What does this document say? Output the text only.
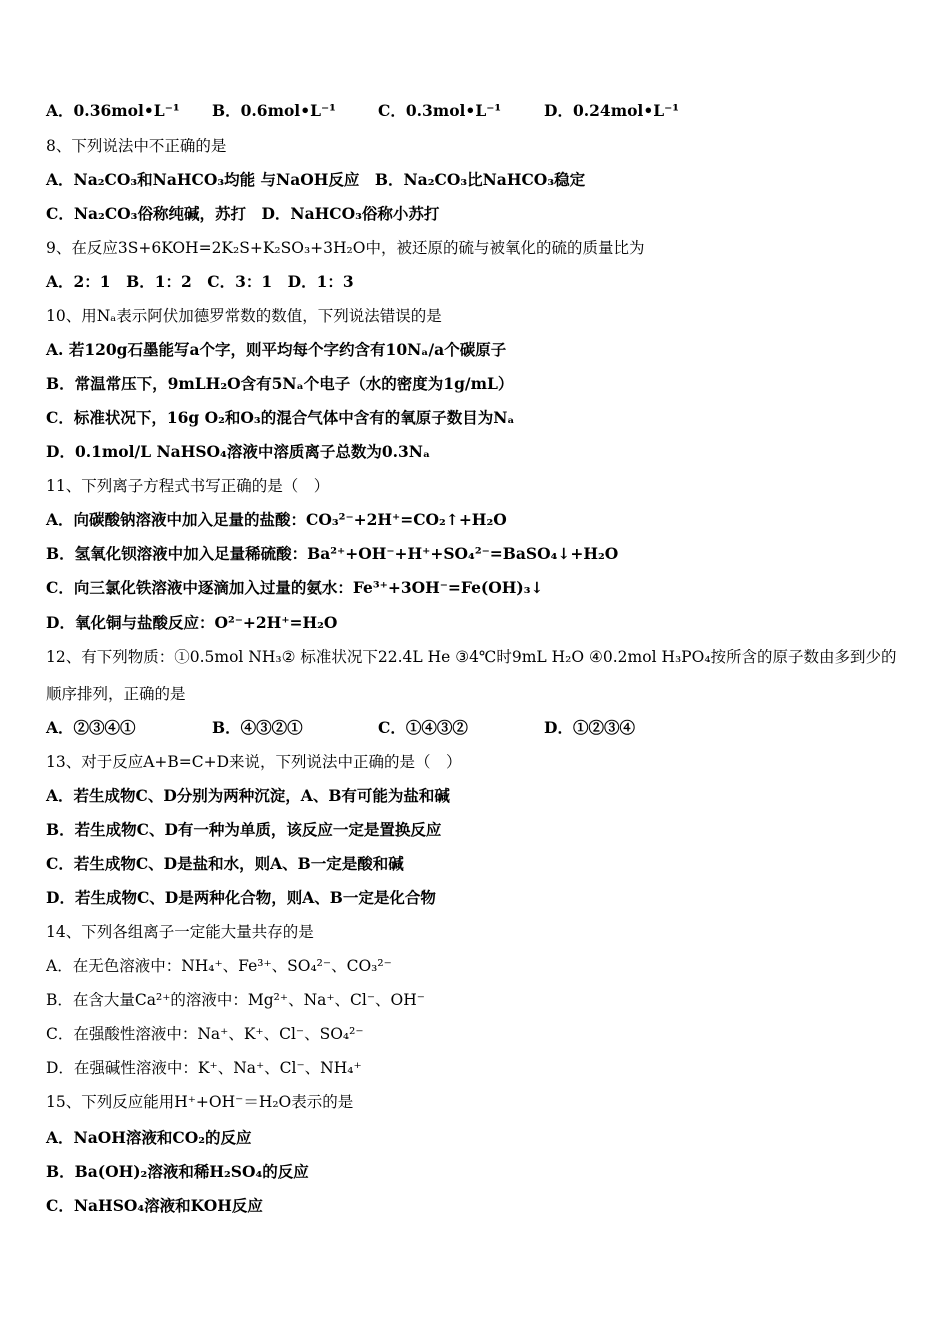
A．0.36mol•L⁻¹	B．0.6mol•L⁻¹	C．0.3mol•L⁻¹	D．0.24mol•L⁻¹
8、下列说法中不正确的是
A．Na₂CO₃和NaHCO₃均能 与NaOH反应　B．Na₂CO₃比NaHCO₃稳定
C．Na₂CO₃俗称纯碱，苏打　D．NaHCO₃俗称小苏打
9、在反应3S+6KOH=2K₂S+K₂SO₃+3H₂O中，被还原的硫与被氧化的硫的质量比为
A．2：1　B．1：2　C．3：1　D．1：3
10、用Nₐ表示阿伏加德罗常数的数值，下列说法错误的是
A. 若120g石墨能写a个字，则平均每个字约含有10Nₐ/a个碳原子
B．常温常压下，9mLH₂O含有5Nₐ个电子（水的密度为1g/mL）
C．标准状况下，16g O₂和O₃的混合气体中含有的氧原子数目为Nₐ
D．0.1mol/L NaHSO₄溶液中溶质离子总数为0.3Nₐ
11、下列离子方程式书写正确的是（　）
A．向碳酸钠溶液中加入足量的盐酸：CO₃²⁻+2H⁺=CO₂↑+H₂O
B．氢氧化钡溶液中加入足量稀硫酸：Ba²⁺+OH⁻+H⁺+SO₄²⁻=BaSO₄↓+H₂O
C．向三氯化铁溶液中逐滴加入过量的氨水：Fe³⁺+3OH⁻=Fe(OH)₃↓
D．氧化铜与盐酸反应：O²⁻+2H⁺=H₂O
12、有下列物质：①0.5mol NH₃② 标准状况下22.4L He ③4℃时9mL H₂O ④0.2mol H₃PO₄按所含的原子数由多到少的
顺序排列，正确的是
A．②③④①	B．④③②①	C．①④③②	D．①②③④
13、对于反应A+B=C+D来说，下列说法中正确的是（　）
A．若生成物C、D分别为两种沉淀，A、B有可能为盐和碱
B．若生成物C、D有一种为单质，该反应一定是置换反应
C．若生成物C、D是盐和水，则A、B一定是酸和碱
D．若生成物C、D是两种化合物，则A、B一定是化合物
14、下列各组离子一定能大量共存的是
A．在无色溶液中：NH₄⁺、Fe³⁺、SO₄²⁻、CO₃²⁻
B．在含大量Ca²⁺的溶液中：Mg²⁺、Na⁺、Cl⁻、OH⁻
C．在强酸性溶液中：Na⁺、K⁺、Cl⁻、SO₄²⁻
D．在强碱性溶液中：K⁺、Na⁺、Cl⁻、NH₄⁺
15、下列反应能用H⁺+OH⁻＝H₂O表示的是
A．NaOH溶液和CO₂的反应
B．Ba(OH)₂溶液和稀H₂SO₄的反应
C．NaHSO₄溶液和KOH反应
